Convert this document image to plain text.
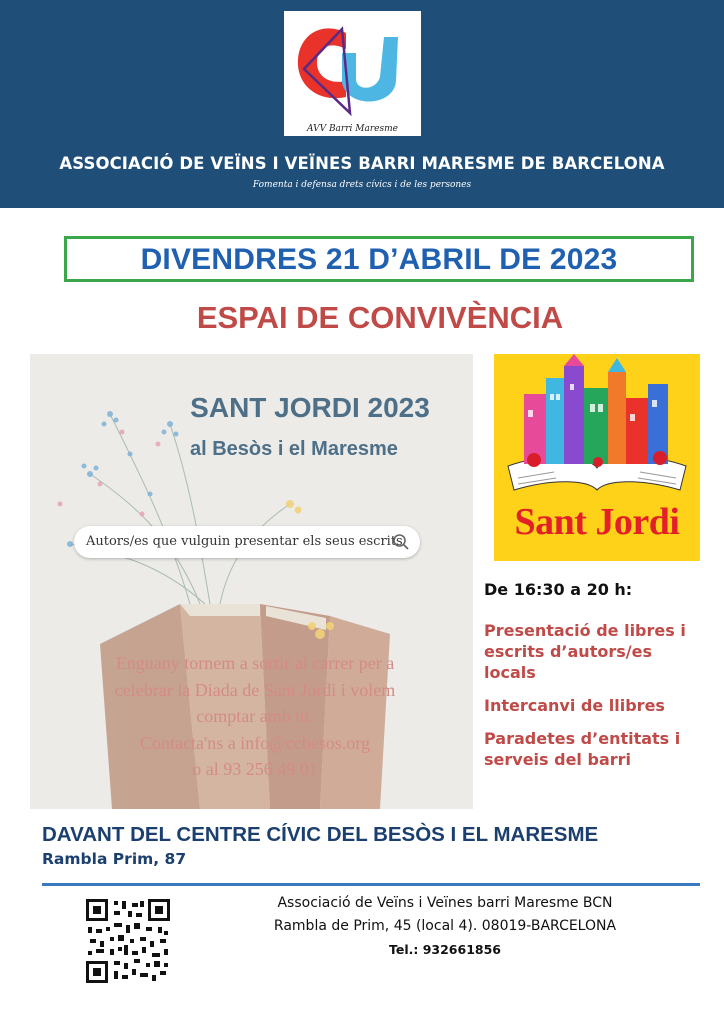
AVV Barri Maresme
ASSOCIACIÓ DE VEÏNS I VEÏNES BARRI MARESME DE BARCELONA
Fomenta i defensa drets cívics i de les persones
DIVENDRES 21 D’ABRIL DE 2023
ESPAI DE CONVIVÈNCIA
SANT JORDI 2023
al Besòs i el Maresme
Autors/es que vulguin presentar els seus escrits
Enguany tornem a sortir al carrer per a
celebrar la Diada de Sant Jordi i volem
comptar amb tu.
Contacta'ns a info@ccbesos.org
o al 93 256 49 01
Sant Jordi
De 16:30 a 20 h:
Presentació de libres i
escrits d’autors/es
locals
Intercanvi de llibres
Paradetes d’entitats i
serveis del barri
DAVANT DEL CENTRE CÍVIC DEL BESÒS I EL MARESME
Rambla Prim, 87
Associació de Veïns i Veïnes barri Maresme BCN
Rambla de Prim, 45 (local 4). 08019-BARCELONA
Tel.: 932661856
